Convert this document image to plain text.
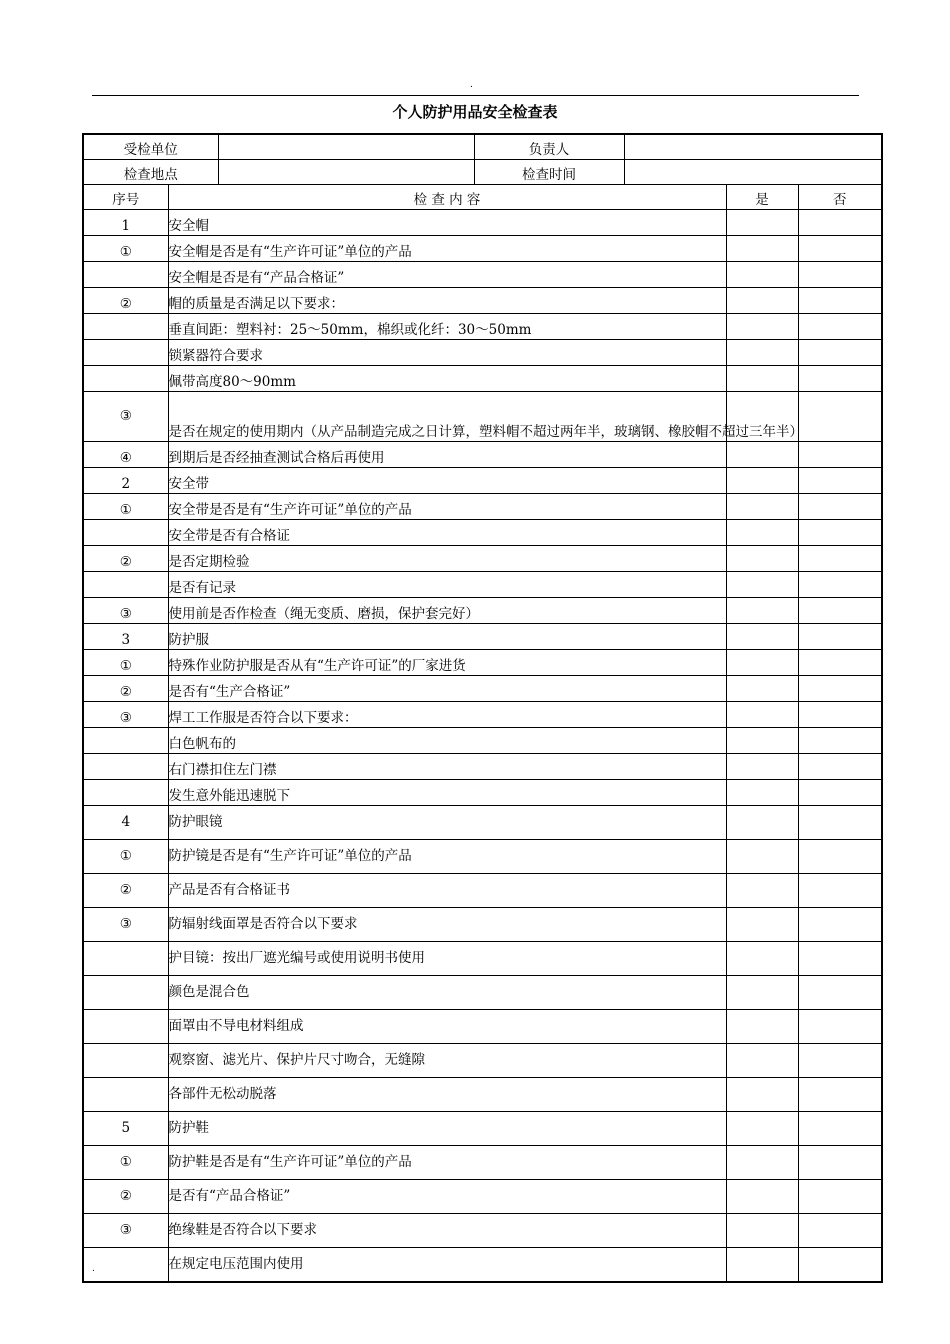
.
个人防护用品安全检查表
受检单位			负责人			
检查地点			检查时间			
序号	检 查 内 容				是	否
1	安全帽					
①	安全帽是否是有“生产许可证”单位的产品					
	安全帽是否是有“产品合格证”					
②	帽的质量是否满足以下要求：					
	垂直间距：塑料衬：25～50mm，棉织或化纤：30～50mm					
	锁紧器符合要求					
	佩带高度80～90mm					
③	是否在规定的使用期内（从产品制造完成之日计算，塑料帽不超过两年半，玻璃钢、橡胶帽不超过三年半）					
④	到期后是否经抽查测试合格后再使用					
2	安全带					
①	安全带是否是有“生产许可证”单位的产品					
	安全带是否有合格证					
②	是否定期检验					
	是否有记录					
③	使用前是否作检查（绳无变质、磨损，保护套完好）					
3	防护服					
①	特殊作业防护服是否从有“生产许可证”的厂家进货					
②	是否有“生产合格证”					
③	焊工工作服是否符合以下要求：					
	白色帆布的					
	右门襟扣住左门襟					
	发生意外能迅速脱下					
4	防护眼镜					
①	防护镜是否是有“生产许可证”单位的产品					
②	产品是否有合格证书					
③	防辐射线面罩是否符合以下要求					
	护目镜：按出厂遮光编号或使用说明书使用					
	颜色是混合色					
	面罩由不导电材料组成					
	观察窗、滤光片、保护片尺寸吻合，无缝隙					
	各部件无松动脱落					
5	防护鞋					
①	防护鞋是否是有“生产许可证”单位的产品					
②	是否有“产品合格证”					
③	绝缘鞋是否符合以下要求					
	在规定电压范围内使用					
.
